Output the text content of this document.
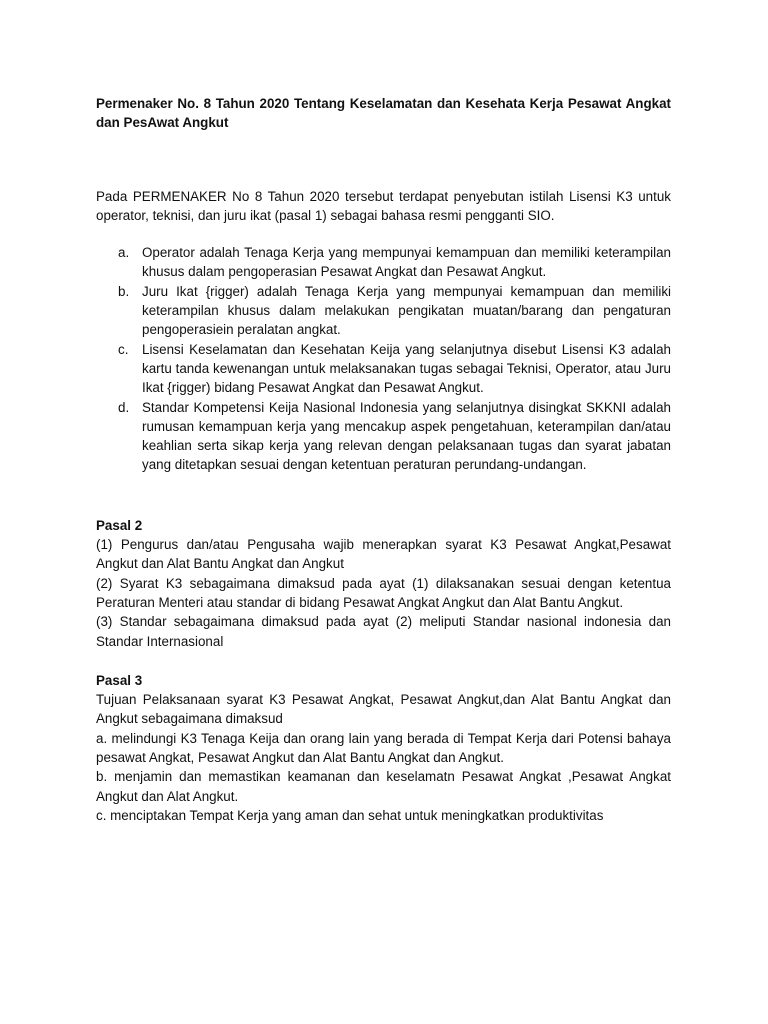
Permenaker No. 8 Tahun 2020 Tentang Keselamatan dan Kesehata Kerja Pesawat Angkat dan PesAwat Angkut

Pada PERMENAKER No 8 Tahun 2020 tersebut terdapat penyebutan istilah Lisensi K3 untuk operator, teknisi, dan juru ikat (pasal 1) sebagai bahasa resmi pengganti SIO.

a. Operator adalah Tenaga Kerja yang mempunyai kemampuan dan memiliki keterampilan khusus dalam pengoperasian Pesawat Angkat dan Pesawat Angkut.
b. Juru Ikat {rigger) adalah Tenaga Kerja yang mempunyai kemampuan dan memiliki keterampilan khusus dalam melakukan pengikatan muatan/barang dan pengaturan pengoperasiein peralatan angkat.
c. Lisensi Keselamatan dan Kesehatan Keija yang selanjutnya disebut Lisensi K3 adalah kartu tanda kewenangan untuk melaksanakan tugas sebagai Teknisi, Operator, atau Juru Ikat {rigger) bidang Pesawat Angkat dan Pesawat Angkut.
d. Standar Kompetensi Keija Nasional Indonesia yang selanjutnya disingkat SKKNI adalah rumusan kemampuan kerja yang mencakup aspek pengetahuan, keterampilan dan/atau keahlian serta sikap kerja yang relevan dengan pelaksanaan tugas dan syarat jabatan yang ditetapkan sesuai dengan ketentuan peraturan perundang-undangan.

Pasal 2

(1) Pengurus dan/atau Pengusaha wajib menerapkan syarat K3 Pesawat Angkat,Pesawat Angkut dan Alat Bantu Angkat dan Angkut

(2) Syarat K3 sebagaimana dimaksud pada ayat (1) dilaksanakan sesuai dengan ketentua Peraturan Menteri atau standar di bidang Pesawat Angkat Angkut dan Alat Bantu Angkut.

(3) Standar sebagaimana dimaksud pada ayat (2) meliputi Standar nasional indonesia dan Standar Internasional

Pasal 3

Tujuan Pelaksanaan syarat K3 Pesawat Angkat, Pesawat Angkut,dan Alat Bantu Angkat dan Angkut sebagaimana dimaksud

a. melindungi K3 Tenaga Keija dan orang lain yang berada di Tempat Kerja dari Potensi bahaya pesawat Angkat, Pesawat Angkut dan Alat Bantu Angkat dan Angkut.

b. menjamin dan memastikan keamanan dan keselamatn Pesawat Angkat ,Pesawat Angkat Angkut dan Alat Angkut.

c. menciptakan Tempat Kerja yang aman dan sehat untuk meningkatkan produktivitas
